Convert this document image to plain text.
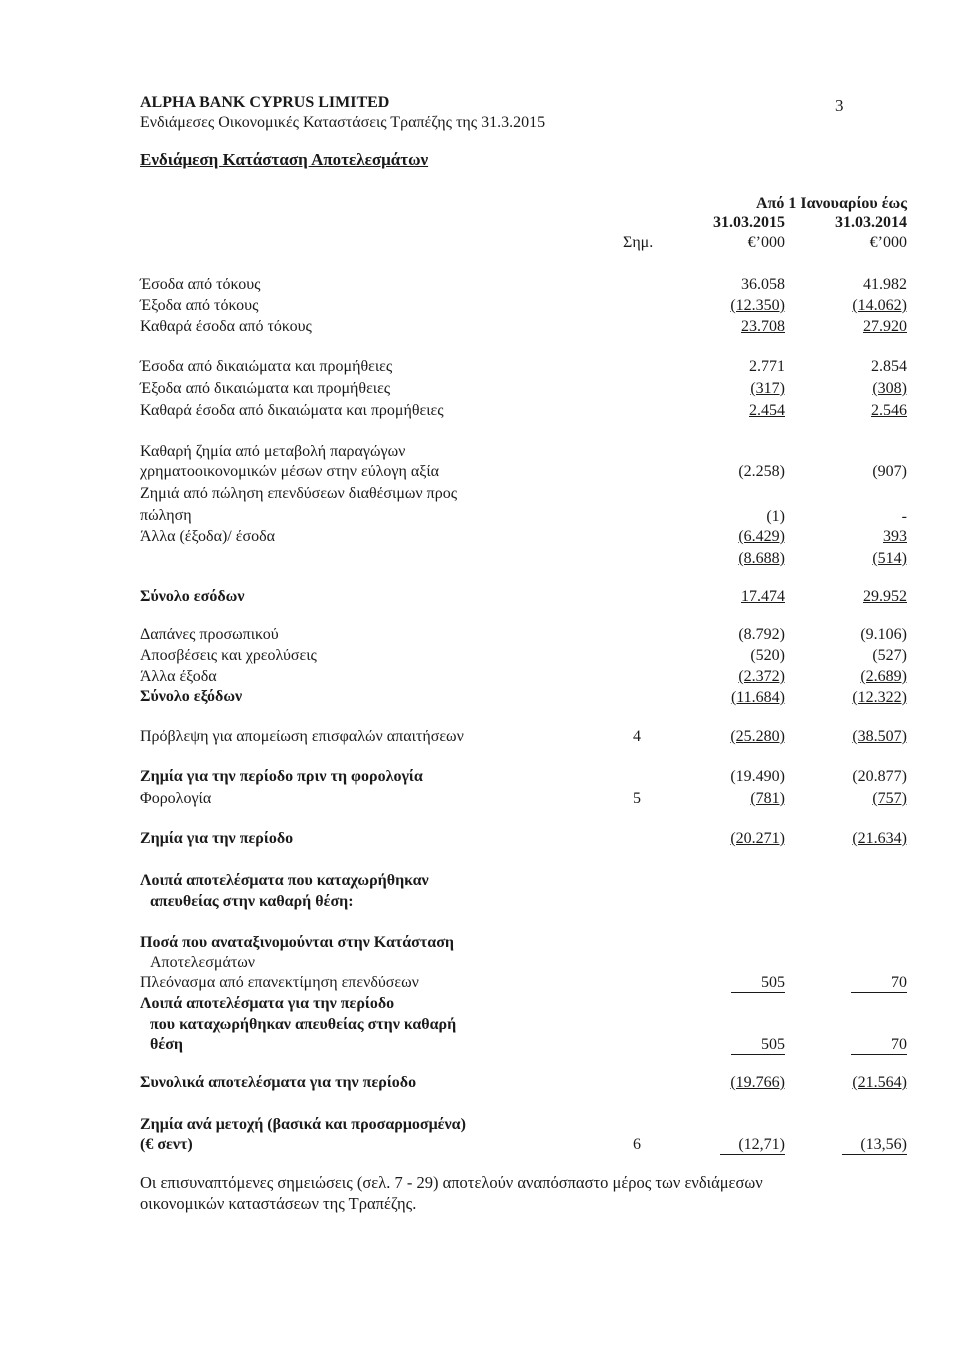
ALPHA BANK CYPRUS LIMITED
Ενδιάμεσες Οικονομικές Καταστάσεις Τραπέζης της 31.3.2015
3
Ενδιάμεση Κατάσταση Αποτελεσμάτων
Από 1 Ιανουαρίου έως
31.03.2015	31.03.2014
Σημ.	€’000	€’000
Έσοδα από τόκους	36.058	41.982
Έξοδα από τόκους	(12.350)	(14.062)
Καθαρά έσοδα από τόκους	23.708	27.920
Έσοδα από δικαιώματα και προμήθειες	2.771	2.854
Έξοδα από δικαιώματα και προμήθειες	(317)	(308)
Καθαρά έσοδα από δικαιώματα και προμήθειες	2.454	2.546
Καθαρή ζημία από μεταβολή παραγώγων
χρηματοοικονομικών μέσων στην εύλογη αξία	(2.258)	(907)
Ζημιά από πώληση επενδύσεων διαθέσιμων προς
πώληση	(1)	-
Άλλα (έξοδα)/ έσοδα	(6.429)	393
(8.688)	(514)
Σύνολο εσόδων	17.474	29.952
Δαπάνες προσωπικού	(8.792)	(9.106)
Αποσβέσεις και χρεολύσεις	(520)	(527)
Άλλα έξοδα	(2.372)	(2.689)
Σύνολο εξόδων	(11.684)	(12.322)
Πρόβλεψη για απομείωση επισφαλών απαιτήσεων	4	(25.280)	(38.507)
Ζημία για την περίοδο πριν τη φορολογία	(19.490)	(20.877)
Φορολογία	5	(781)	(757)
Ζημία για την περίοδο	(20.271)	(21.634)
Λοιπά αποτελέσματα που καταχωρήθηκαν
απευθείας στην καθαρή θέση:
Ποσά που αναταξινομούνται στην Κατάσταση
Αποτελεσμάτων
Πλεόνασμα από επανεκτίμηση επενδύσεων	505	70
Λοιπά αποτελέσματα για την περίοδο
που καταχωρήθηκαν απευθείας στην καθαρή
θέση	505	70
Συνολικά αποτελέσματα για την περίοδο	(19.766)	(21.564)
Ζημία ανά μετοχή (βασικά και προσαρμοσμένα)
(€ σεντ)	6	(12,71)	(13,56)
Οι επισυναπτόμενες σημειώσεις (σελ. 7 - 29) αποτελούν αναπόσπαστο μέρος των ενδιάμεσων
οικονομικών καταστάσεων της Τραπέζης.
